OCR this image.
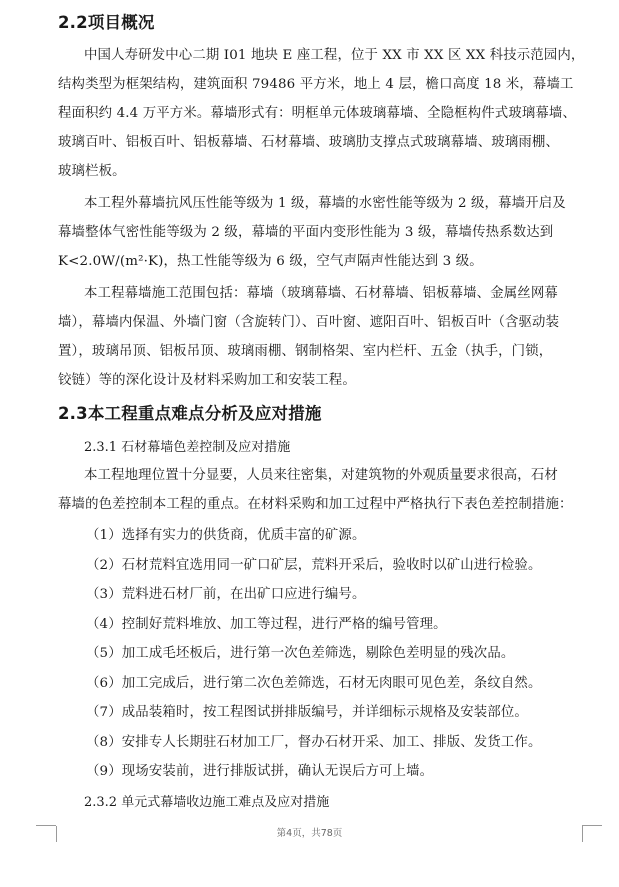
2.2项目概况
中国人寿研发中心二期 I01 地块 E 座工程，位于 XX 市 XX 区 XX 科技示范园内，
结构类型为框架结构，建筑面积 79486 平方米，地上 4 层，檐口高度 18 米，幕墙工
程面积约 4.4 万平方米。幕墙形式有：明框单元体玻璃幕墙、全隐框构件式玻璃幕墙、
玻璃百叶、铝板百叶、铝板幕墙、石材幕墙、玻璃肋支撑点式玻璃幕墙、玻璃雨棚、
玻璃栏板。
本工程外幕墙抗风压性能等级为 1 级，幕墙的水密性能等级为 2 级，幕墙开启及
幕墙整体气密性能等级为 2 级，幕墙的平面内变形性能为 3 级，幕墙传热系数达到
K<2.0W/(m²·K)，热工性能等级为 6 级，空气声隔声性能达到 3 级。
本工程幕墙施工范围包括：幕墙（玻璃幕墙、石材幕墙、铝板幕墙、金属丝网幕
墙），幕墙内保温、外墙门窗（含旋转门）、百叶窗、遮阳百叶、铝板百叶（含驱动装
置），玻璃吊顶、铝板吊顶、玻璃雨棚、钢制格架、室内栏杆、五金（执手，门锁，
铰链）等的深化设计及材料采购加工和安装工程。
2.3本工程重点难点分析及应对措施
2.3.1 石材幕墙色差控制及应对措施
本工程地理位置十分显要，人员来往密集，对建筑物的外观质量要求很高，石材
幕墙的色差控制本工程的重点。在材料采购和加工过程中严格执行下表色差控制措施：
（1）选择有实力的供货商，优质丰富的矿源。
（2）石材荒料宜选用同一矿口矿层，荒料开采后，验收时以矿山进行检验。
（3）荒料进石材厂前，在出矿口应进行编号。
（4）控制好荒料堆放、加工等过程，进行严格的编号管理。
（5）加工成毛坯板后，进行第一次色差筛选，剔除色差明显的残次品。
（6）加工完成后，进行第二次色差筛选，石材无肉眼可见色差，条纹自然。
（7）成品装箱时，按工程图试拼排版编号，并详细标示规格及安装部位。
（8）安排专人长期驻石材加工厂，督办石材开采、加工、排版、发货工作。
（9）现场安装前，进行排版试拼，确认无误后方可上墙。
2.3.2 单元式幕墙收边施工难点及应对措施
第4页，共78页
